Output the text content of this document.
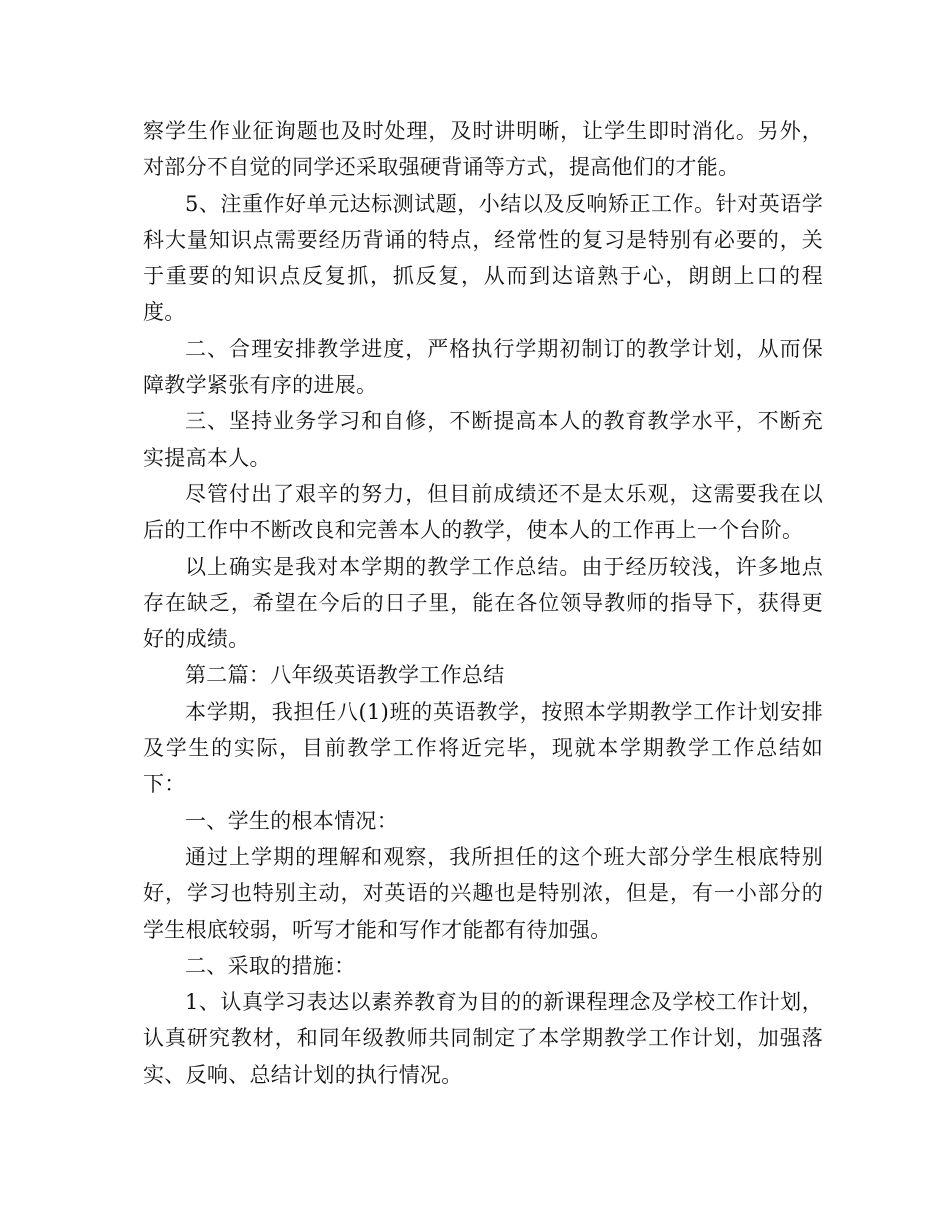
察学生作业征询题也及时处理，及时讲明晰，让学生即时消化。另外，对部分不自觉的同学还采取强硬背诵等方式，提高他们的才能。

5、注重作好单元达标测试题，小结以及反响矫正工作。针对英语学科大量知识点需要经历背诵的特点，经常性的复习是特别有必要的，关于重要的知识点反复抓，抓反复，从而到达谙熟于心，朗朗上口的程度。

二、合理安排教学进度，严格执行学期初制订的教学计划，从而保障教学紧张有序的进展。

三、坚持业务学习和自修，不断提高本人的教育教学水平，不断充实提高本人。

尽管付出了艰辛的努力，但目前成绩还不是太乐观，这需要我在以后的工作中不断改良和完善本人的教学，使本人的工作再上一个台阶。

以上确实是我对本学期的教学工作总结。由于经历较浅，许多地点存在缺乏，希望在今后的日子里，能在各位领导教师的指导下，获得更好的成绩。

第二篇：八年级英语教学工作总结

本学期，我担任八(1)班的英语教学，按照本学期教学工作计划安排及学生的实际，目前教学工作将近完毕，现就本学期教学工作总结如下：

一、学生的根本情况：

通过上学期的理解和观察，我所担任的这个班大部分学生根底特别好，学习也特别主动，对英语的兴趣也是特别浓，但是，有一小部分的学生根底较弱，听写才能和写作才能都有待加强。

二、采取的措施：

1、认真学习表达以素养教育为目的的新课程理念及学校工作计划，认真研究教材，和同年级教师共同制定了本学期教学工作计划，加强落实、反响、总结计划的执行情况。
